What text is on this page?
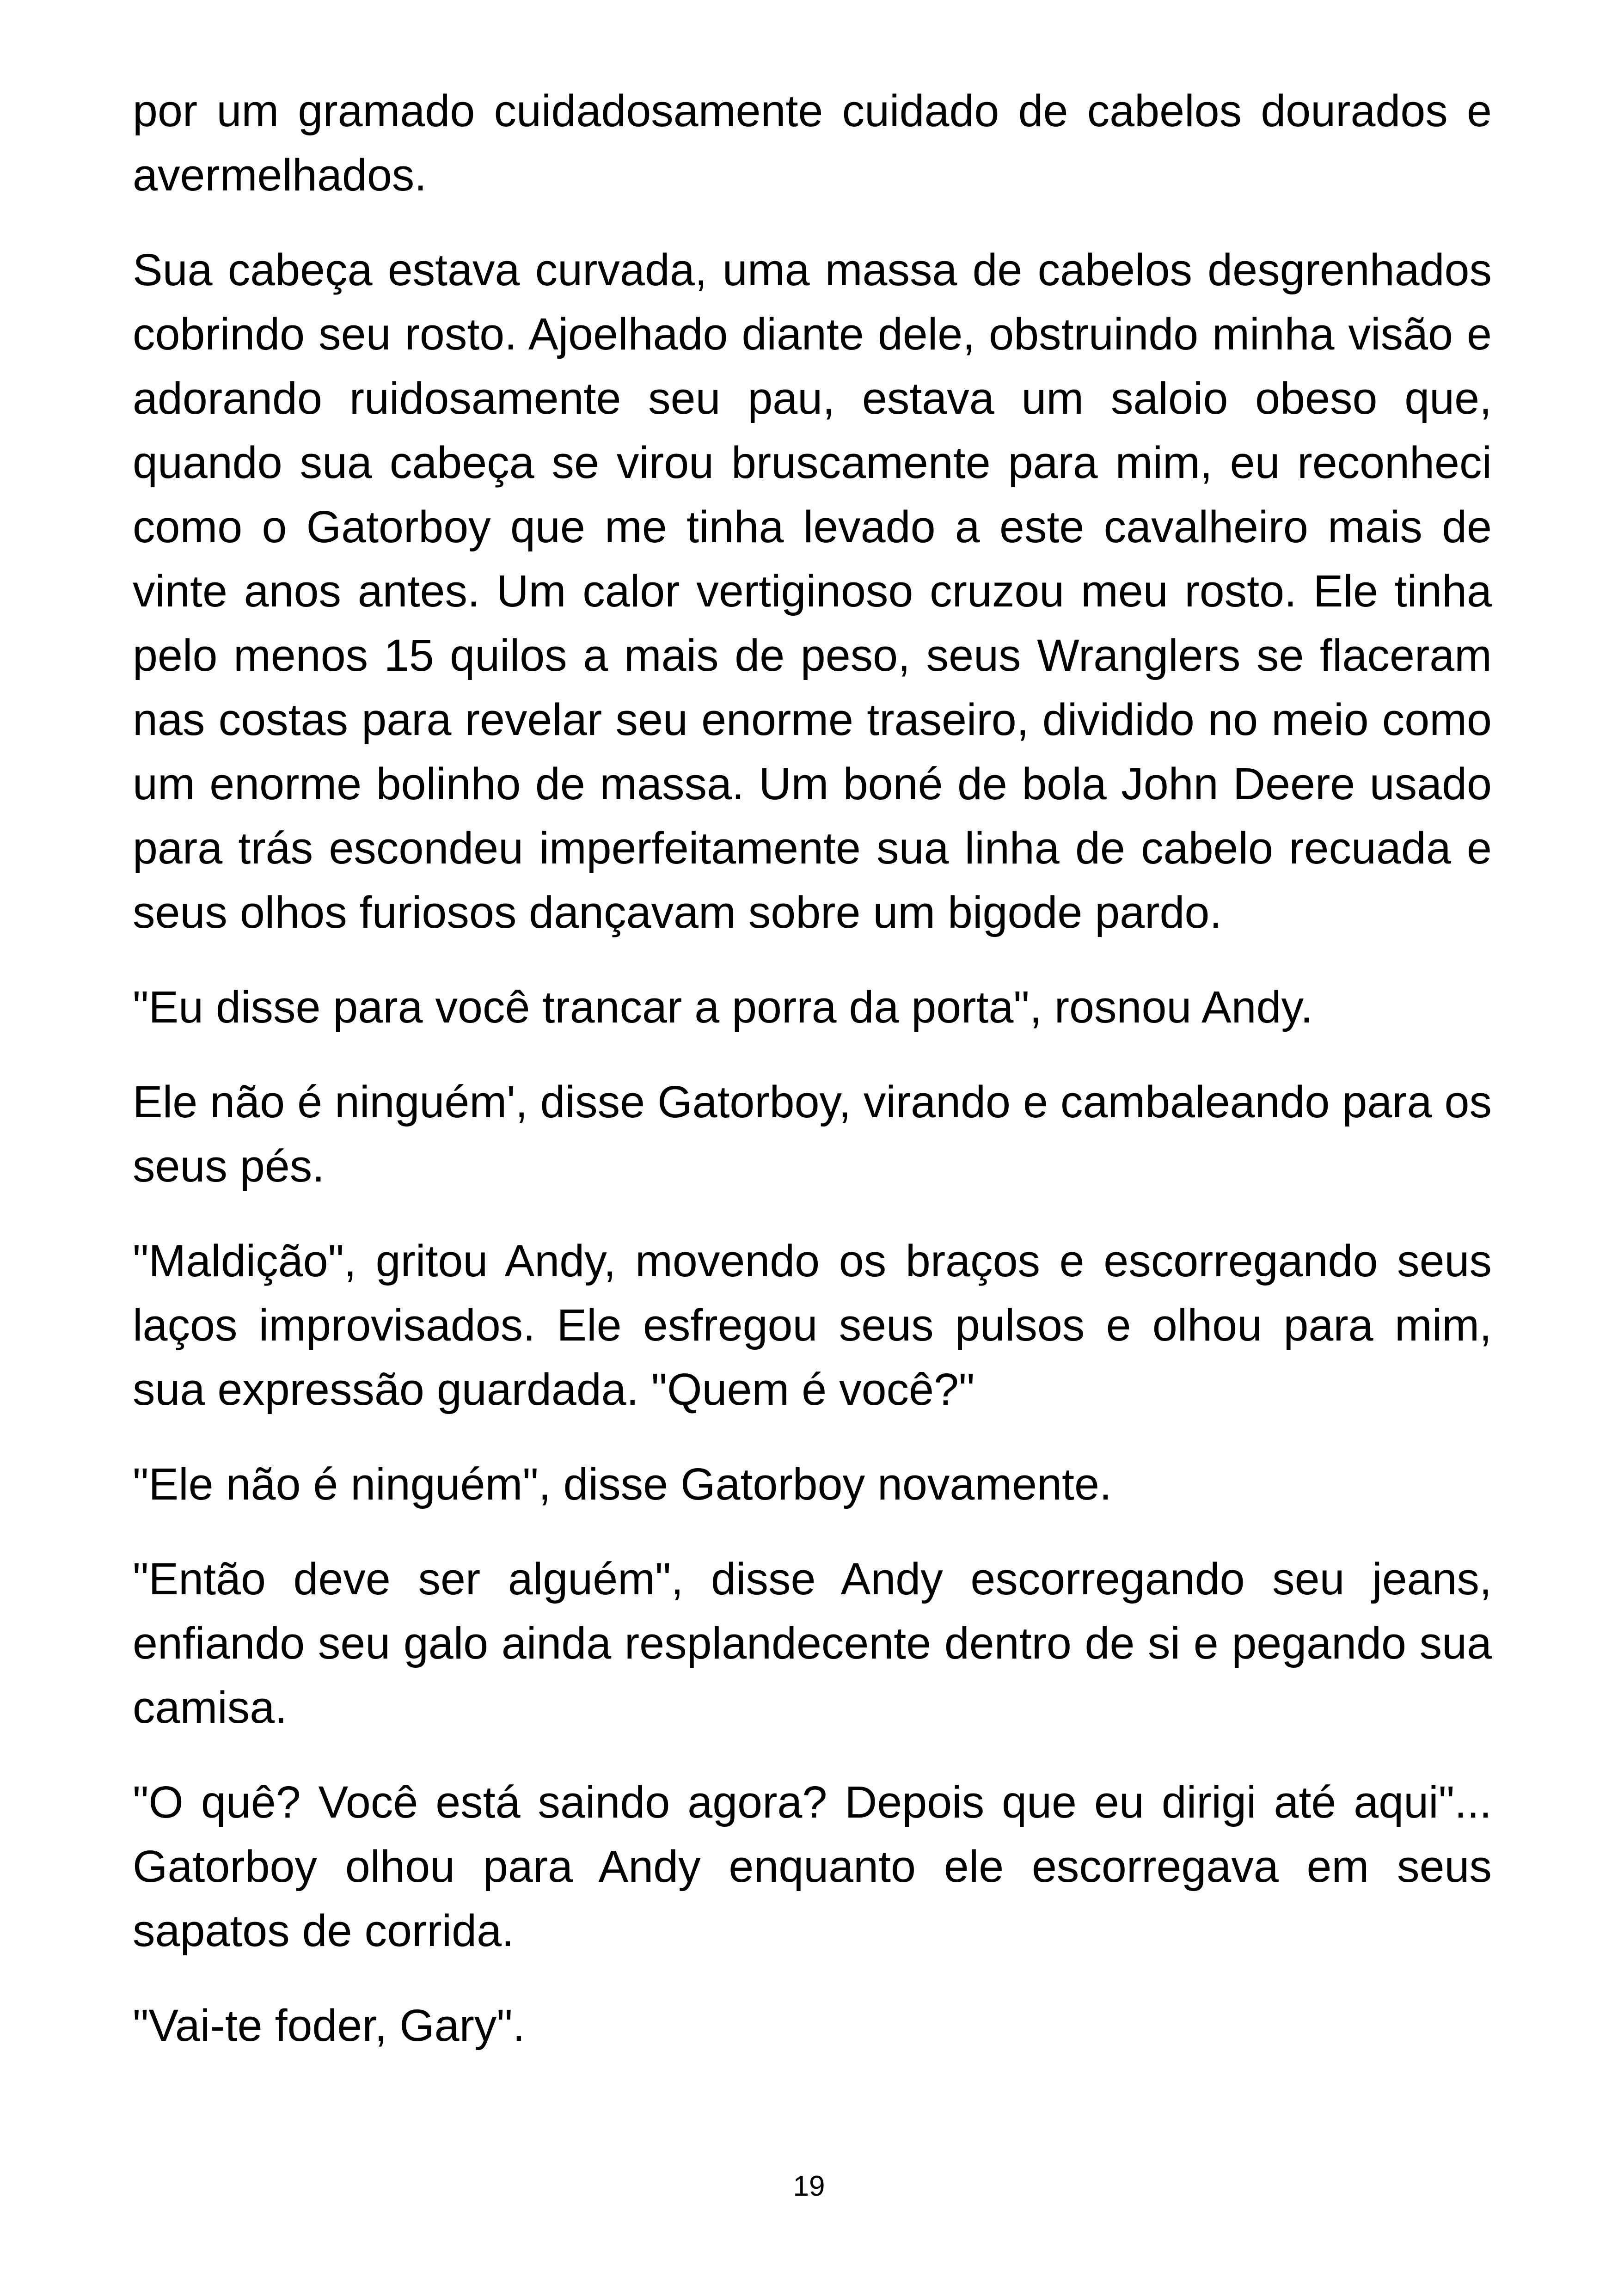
por um gramado cuidadosamente cuidado de cabelos dourados e avermelhados.

Sua cabeça estava curvada, uma massa de cabelos desgrenhados cobrindo seu rosto. Ajoelhado diante dele, obstruindo minha visão e adorando ruidosamente seu pau, estava um saloio obeso que, quando sua cabeça se virou bruscamente para mim, eu reconheci como o Gatorboy que me tinha levado a este cavalheiro mais de vinte anos antes. Um calor vertiginoso cruzou meu rosto. Ele tinha pelo menos 15 quilos a mais de peso, seus Wranglers se flaceram nas costas para revelar seu enorme traseiro, dividido no meio como um enorme bolinho de massa. Um boné de bola John Deere usado para trás escondeu imperfeitamente sua linha de cabelo recuada e seus olhos furiosos dançavam sobre um bigode pardo.

"Eu disse para você trancar a porra da porta", rosnou Andy.

Ele não é ninguém', disse Gatorboy, virando e cambaleando para os seus pés.

"Maldição", gritou Andy, movendo os braços e escorregando seus laços improvisados. Ele esfregou seus pulsos e olhou para mim, sua expressão guardada. "Quem é você?"

"Ele não é ninguém", disse Gatorboy novamente.

"Então deve ser alguém", disse Andy escorregando seu jeans, enfiando seu galo ainda resplandecente dentro de si e pegando sua camisa.

"O quê? Você está saindo agora? Depois que eu dirigi até aqui"... Gatorboy olhou para Andy enquanto ele escorregava em seus sapatos de corrida.

"Vai-te foder, Gary".

19
